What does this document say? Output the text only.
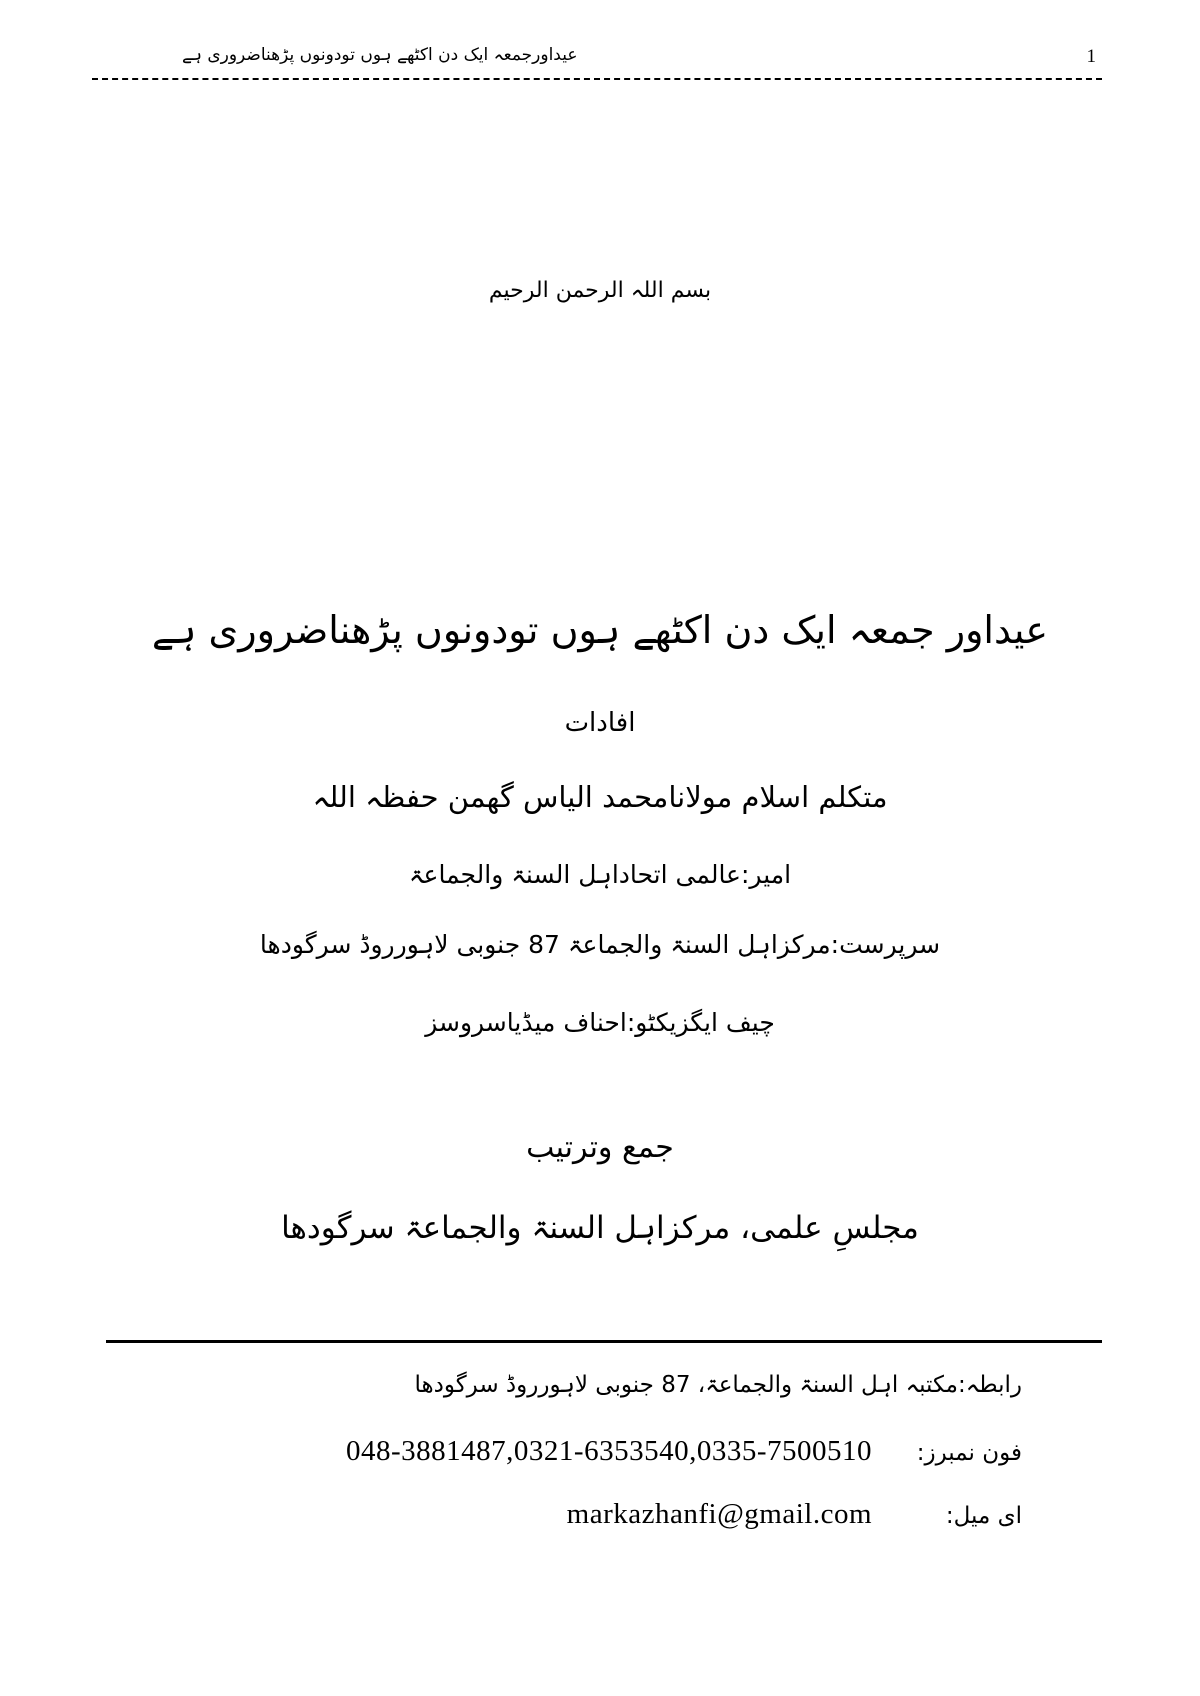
عیداورجمعہ ایک دن اکٹھے ہوں تودونوں پڑھناضروری ہے	1
بسم اللہ الرحمن الرحیم
عیداور جمعہ ایک دن اکٹھے ہوں تودونوں پڑھناضروری ہے
افادات
متکلم اسلام مولانامحمد الیاس گھمن حفظہ اللہ
امیر:عالمی اتحاداہل السنۃ والجماعۃ
سرپرست:مرکزاہل السنۃ والجماعۃ 87 جنوبی لاہورروڈ سرگودھا
چیف ایگزیکٹو:احناف میڈیاسروسز
جمع وترتیب
مجلسِ علمی، مرکزاہل السنۃ والجماعۃ سرگودھا
رابطہ:مکتبہ اہل السنۃ والجماعۃ، 87 جنوبی لاہورروڈ سرگودھا
فون نمبرز:
048-3881487,0321-6353540,0335-7500510
ای میل:
markazhanfi@gmail.com
